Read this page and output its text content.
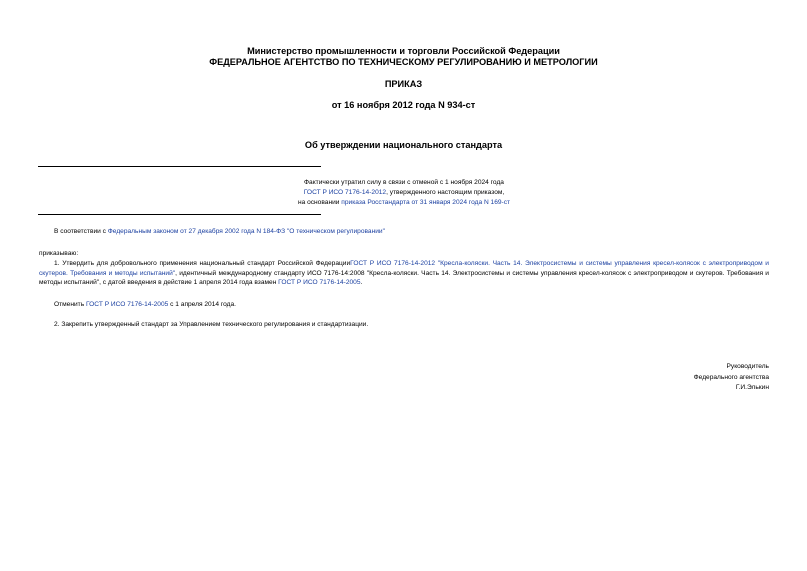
Министерство промышленности и торговли Российской Федерации
ФЕДЕРАЛЬНОЕ АГЕНТСТВО ПО ТЕХНИЧЕСКОМУ РЕГУЛИРОВАНИЮ И МЕТРОЛОГИИ
ПРИКАЗ
от 16 ноября 2012 года N 934-ст
Об утверждении национального стандарта
Фактически утратил силу в связи с отменой с 1 ноября 2024 года
ГОСТ Р ИСО 7176-14-2012, утвержденного настоящим приказом,
на основании приказа Росстандарта от 31 января 2024 года N 169-ст
В соответствии с Федеральным законом от 27 декабря 2002 года N 184-ФЗ "О техническом регулировании"
приказываю:
1. Утвердить для добровольного применения национальный стандарт Российской ФедерацииГОСТ Р ИСО 7176-14-2012 "Кресла-коляски. Часть 14. Электросистемы и системы управления кресел-колясок с электроприводом и скутеров. Требования и методы испытаний", идентичный международному стандарту ИСО 7176-14:2008 "Кресла-коляски. Часть 14. Электросистемы и системы управления кресел-колясок с электроприводом и скутеров. Требования и методы испытаний", с датой введения в действие 1 апреля 2014 года взамен ГОСТ Р ИСО 7176-14-2005.
Отменить ГОСТ Р ИСО 7176-14-2005 с 1 апреля 2014 года.
2. Закрепить утвержденный стандарт за Управлением технического регулирования и стандартизации.
Руководитель
Федерального агентства
Г.И.Элькин
